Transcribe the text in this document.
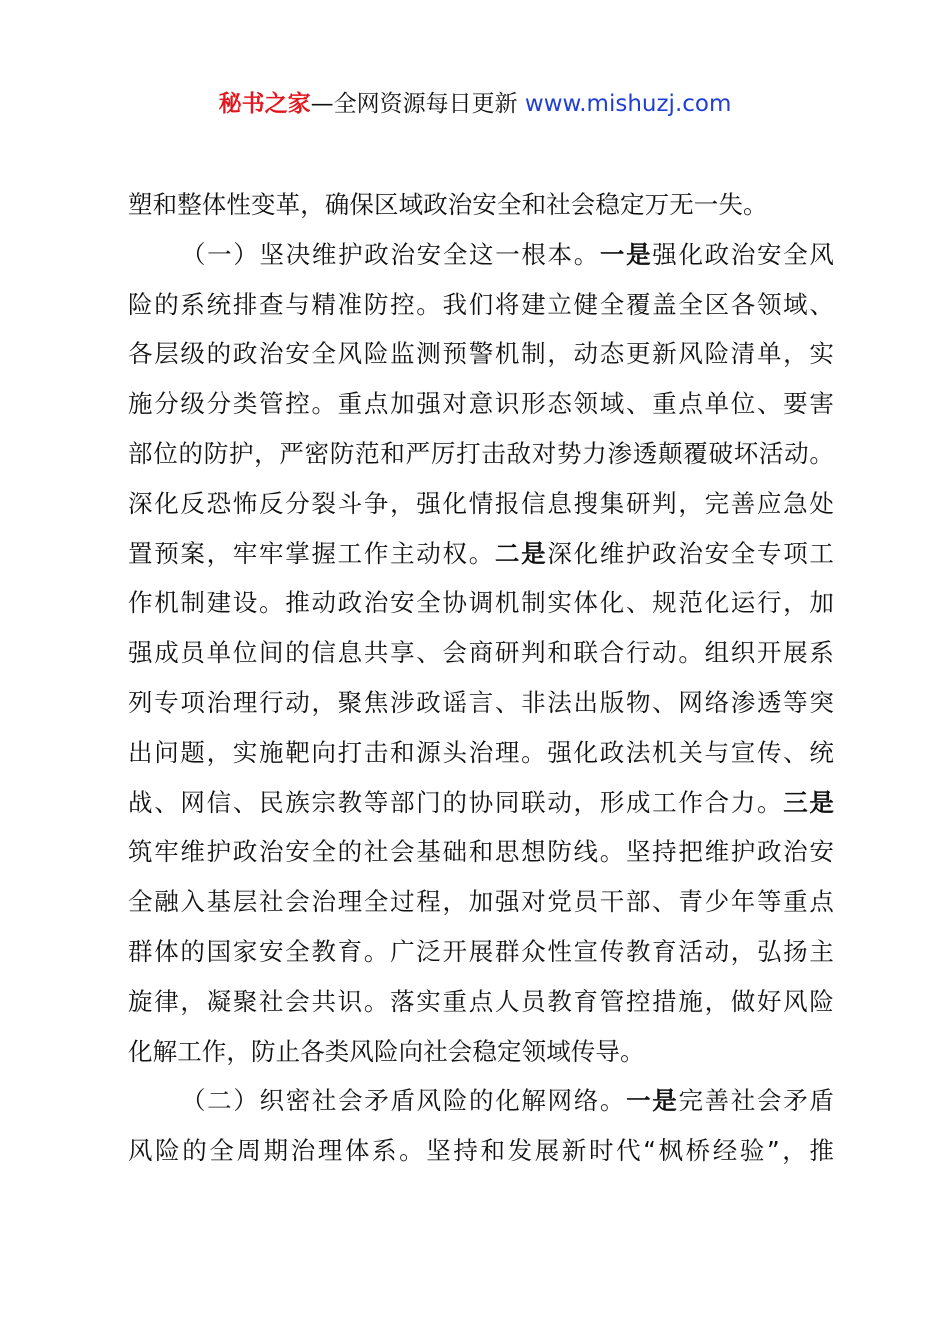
秘书之家—全网资源每日更新 www.mishuzj.com
塑和整体性变革，确保区域政治安全和社会稳定万无一失。
（一）坚决维护政治安全这一根本。一是强化政治安全风
险的系统排查与精准防控。我们将建立健全覆盖全区各领域、
各层级的政治安全风险监测预警机制，动态更新风险清单，实
施分级分类管控。重点加强对意识形态领域、重点单位、要害
部位的防护，严密防范和严厉打击敌对势力渗透颠覆破坏活动。
深化反恐怖反分裂斗争，强化情报信息搜集研判，完善应急处
置预案，牢牢掌握工作主动权。二是深化维护政治安全专项工
作机制建设。推动政治安全协调机制实体化、规范化运行，加
强成员单位间的信息共享、会商研判和联合行动。组织开展系
列专项治理行动，聚焦涉政谣言、非法出版物、网络渗透等突
出问题，实施靶向打击和源头治理。强化政法机关与宣传、统
战、网信、民族宗教等部门的协同联动，形成工作合力。三是
筑牢维护政治安全的社会基础和思想防线。坚持把维护政治安
全融入基层社会治理全过程，加强对党员干部、青少年等重点
群体的国家安全教育。广泛开展群众性宣传教育活动，弘扬主
旋律，凝聚社会共识。落实重点人员教育管控措施，做好风险
化解工作，防止各类风险向社会稳定领域传导。
（二）织密社会矛盾风险的化解网络。一是完善社会矛盾
风险的全周期治理体系。坚持和发展新时代“枫桥经验”，推
